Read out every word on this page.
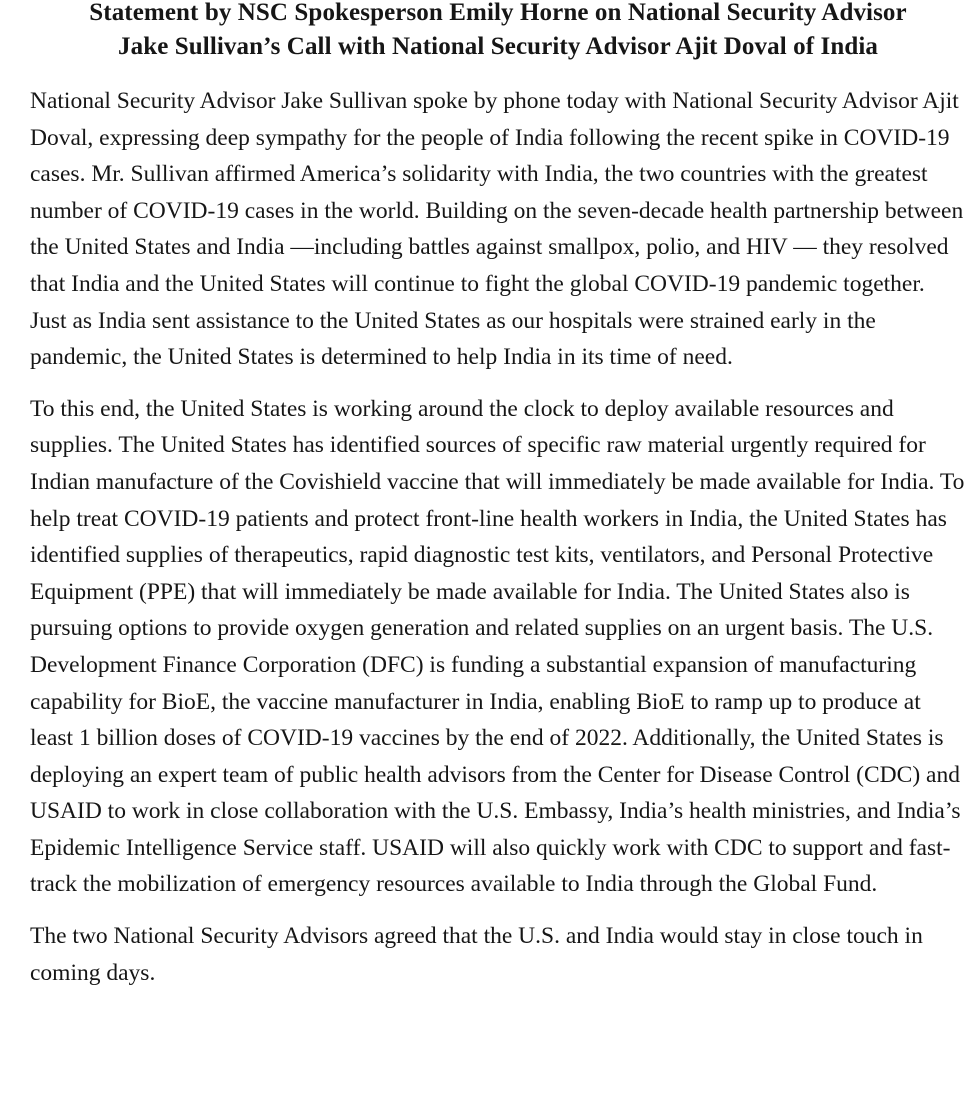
Statement by NSC Spokesperson Emily Horne on National Security Advisor
Jake Sullivan’s Call with National Security Advisor Ajit Doval of India

National Security Advisor Jake Sullivan spoke by phone today with National Security Advisor Ajit Doval, expressing deep sympathy for the people of India following the recent spike in COVID-19 cases. Mr. Sullivan affirmed America’s solidarity with India, the two countries with the greatest number of COVID-19 cases in the world. Building on the seven-decade health partnership between the United States and India —including battles against smallpox, polio, and HIV — they resolved that India and the United States will continue to fight the global COVID-19 pandemic together. Just as India sent assistance to the United States as our hospitals were strained early in the pandemic, the United States is determined to help India in its time of need.

To this end, the United States is working around the clock to deploy available resources and supplies. The United States has identified sources of specific raw material urgently required for Indian manufacture of the Covishield vaccine that will immediately be made available for India. To help treat COVID-19 patients and protect front-line health workers in India, the United States has identified supplies of therapeutics, rapid diagnostic test kits, ventilators, and Personal Protective Equipment (PPE) that will immediately be made available for India. The United States also is pursuing options to provide oxygen generation and related supplies on an urgent basis. The U.S. Development Finance Corporation (DFC) is funding a substantial expansion of manufacturing capability for BioE, the vaccine manufacturer in India, enabling BioE to ramp up to produce at least 1 billion doses of COVID-19 vaccines by the end of 2022. Additionally, the United States is deploying an expert team of public health advisors from the Center for Disease Control (CDC) and USAID to work in close collaboration with the U.S. Embassy, India’s health ministries, and India’s Epidemic Intelligence Service staff. USAID will also quickly work with CDC to support and fast-track the mobilization of emergency resources available to India through the Global Fund.

The two National Security Advisors agreed that the U.S. and India would stay in close touch in coming days.
